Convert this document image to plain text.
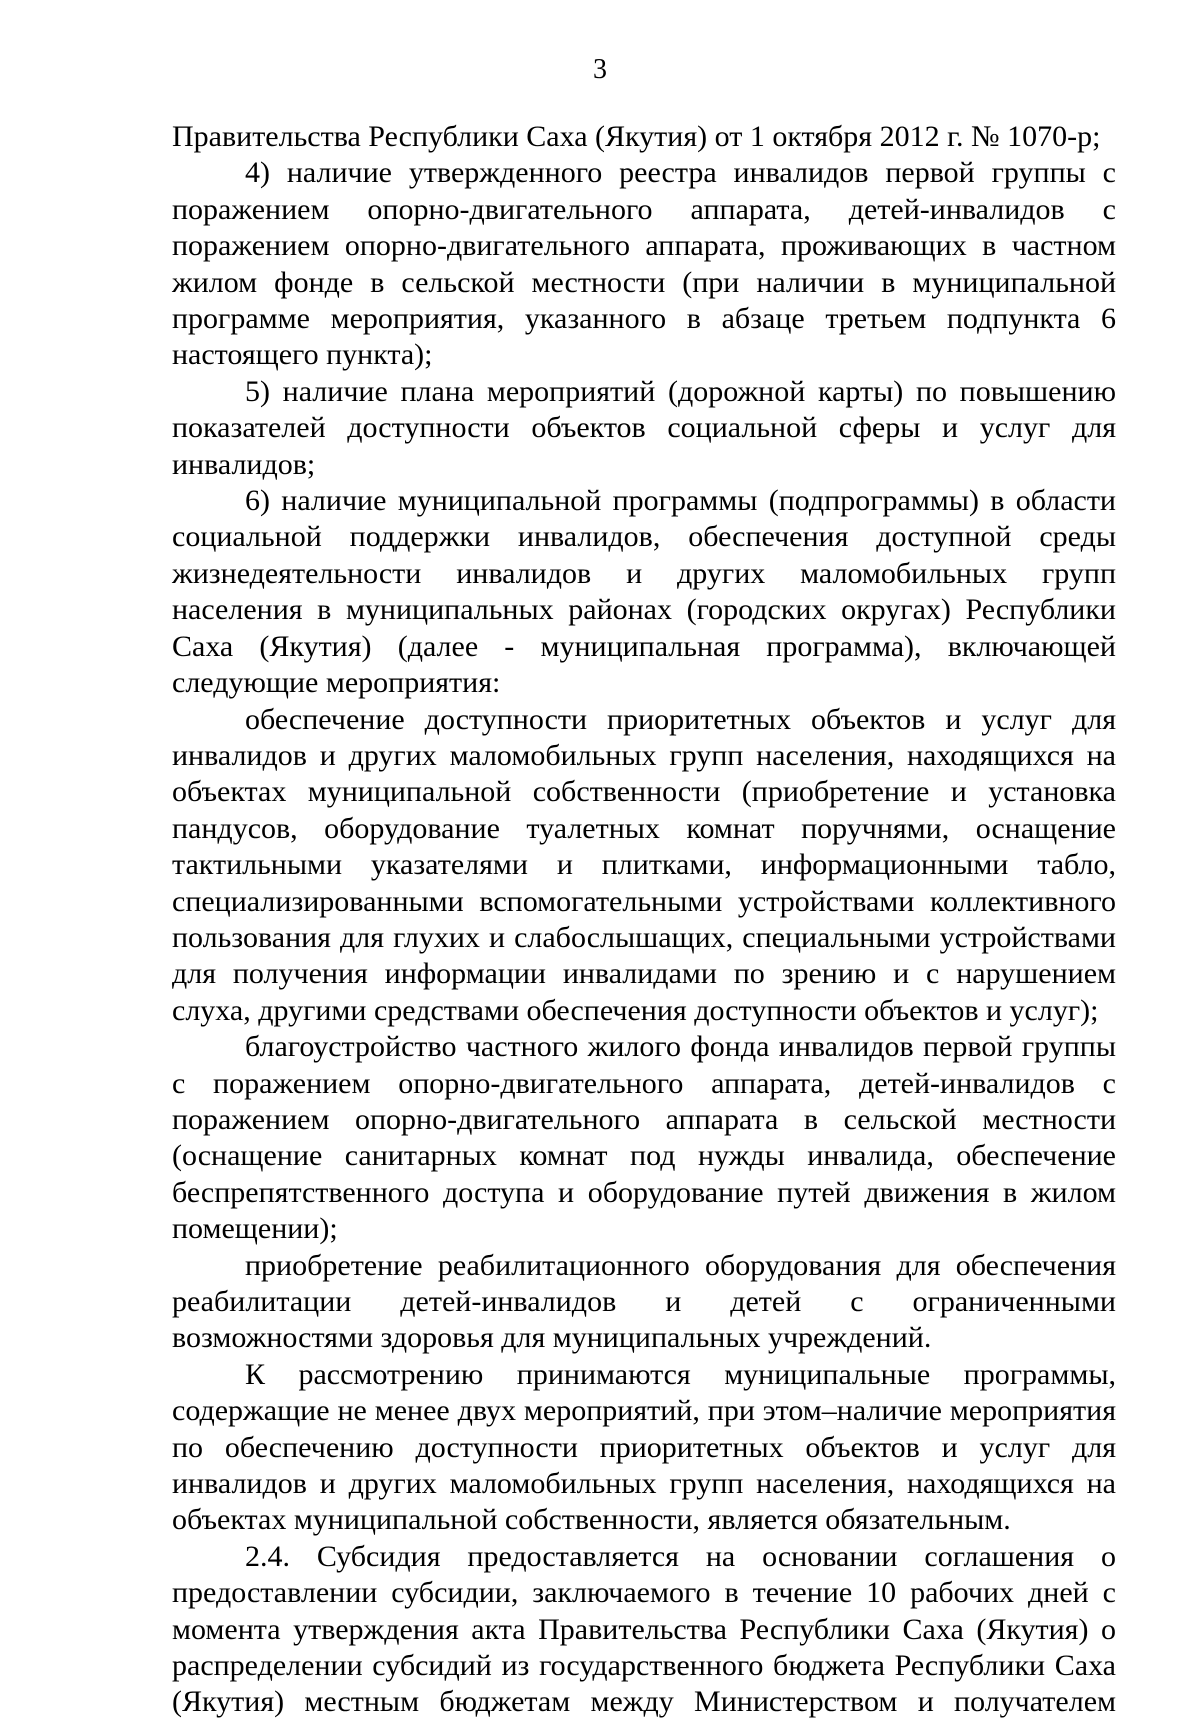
3

Правительства Республики Саха (Якутия) от 1 октября 2012 г. № 1070-р;

4) наличие утвержденного реестра инвалидов первой группы с поражением опорно-двигательного аппарата, детей-инвалидов с поражением опорно-двигательного аппарата, проживающих в частном жилом фонде в сельской местности (при наличии в муниципальной программе мероприятия, указанного в абзаце третьем подпункта 6 настоящего пункта);

5) наличие плана мероприятий (дорожной карты) по повышению показателей доступности объектов социальной сферы и услуг для инвалидов;

6) наличие муниципальной программы (подпрограммы) в области социальной поддержки инвалидов, обеспечения доступной среды жизнедеятельности инвалидов и других маломобильных групп населения в муниципальных районах (городских округах) Республики Саха (Якутия) (далее - муниципальная программа), включающей следующие мероприятия:

обеспечение доступности приоритетных объектов и услуг для инвалидов и других маломобильных групп населения, находящихся на объектах муниципальной собственности (приобретение и установка пандусов, оборудование туалетных комнат поручнями, оснащение тактильными указателями и плитками, информационными табло, специализированными вспомогательными устройствами коллективного пользования для глухих и слабослышащих, специальными устройствами для получения информации инвалидами по зрению и с нарушением слуха, другими средствами обеспечения доступности объектов и услуг);

благоустройство частного жилого фонда инвалидов первой группы с поражением опорно-двигательного аппарата, детей-инвалидов с поражением опорно-двигательного аппарата в сельской местности (оснащение санитарных комнат под нужды инвалида, обеспечение беспрепятственного доступа и оборудование путей движения в жилом помещении);

приобретение реабилитационного оборудования для обеспечения реабилитации детей-инвалидов и детей с ограниченными возможностями здоровья для муниципальных учреждений.

К рассмотрению принимаются муниципальные программы, содержащие не менее двух мероприятий, при этом–наличие мероприятия по обеспечению доступности приоритетных объектов и услуг для инвалидов и других маломобильных групп населения, находящихся на объектах муниципальной собственности, является обязательным.

2.4. Субсидия предоставляется на основании соглашения о предоставлении субсидии, заключаемого в течение 10 рабочих дней с момента утверждения акта Правительства Республики Саха (Якутия) о распределении субсидий из государственного бюджета Республики Саха (Якутия) местным бюджетам между Министерством и получателем
